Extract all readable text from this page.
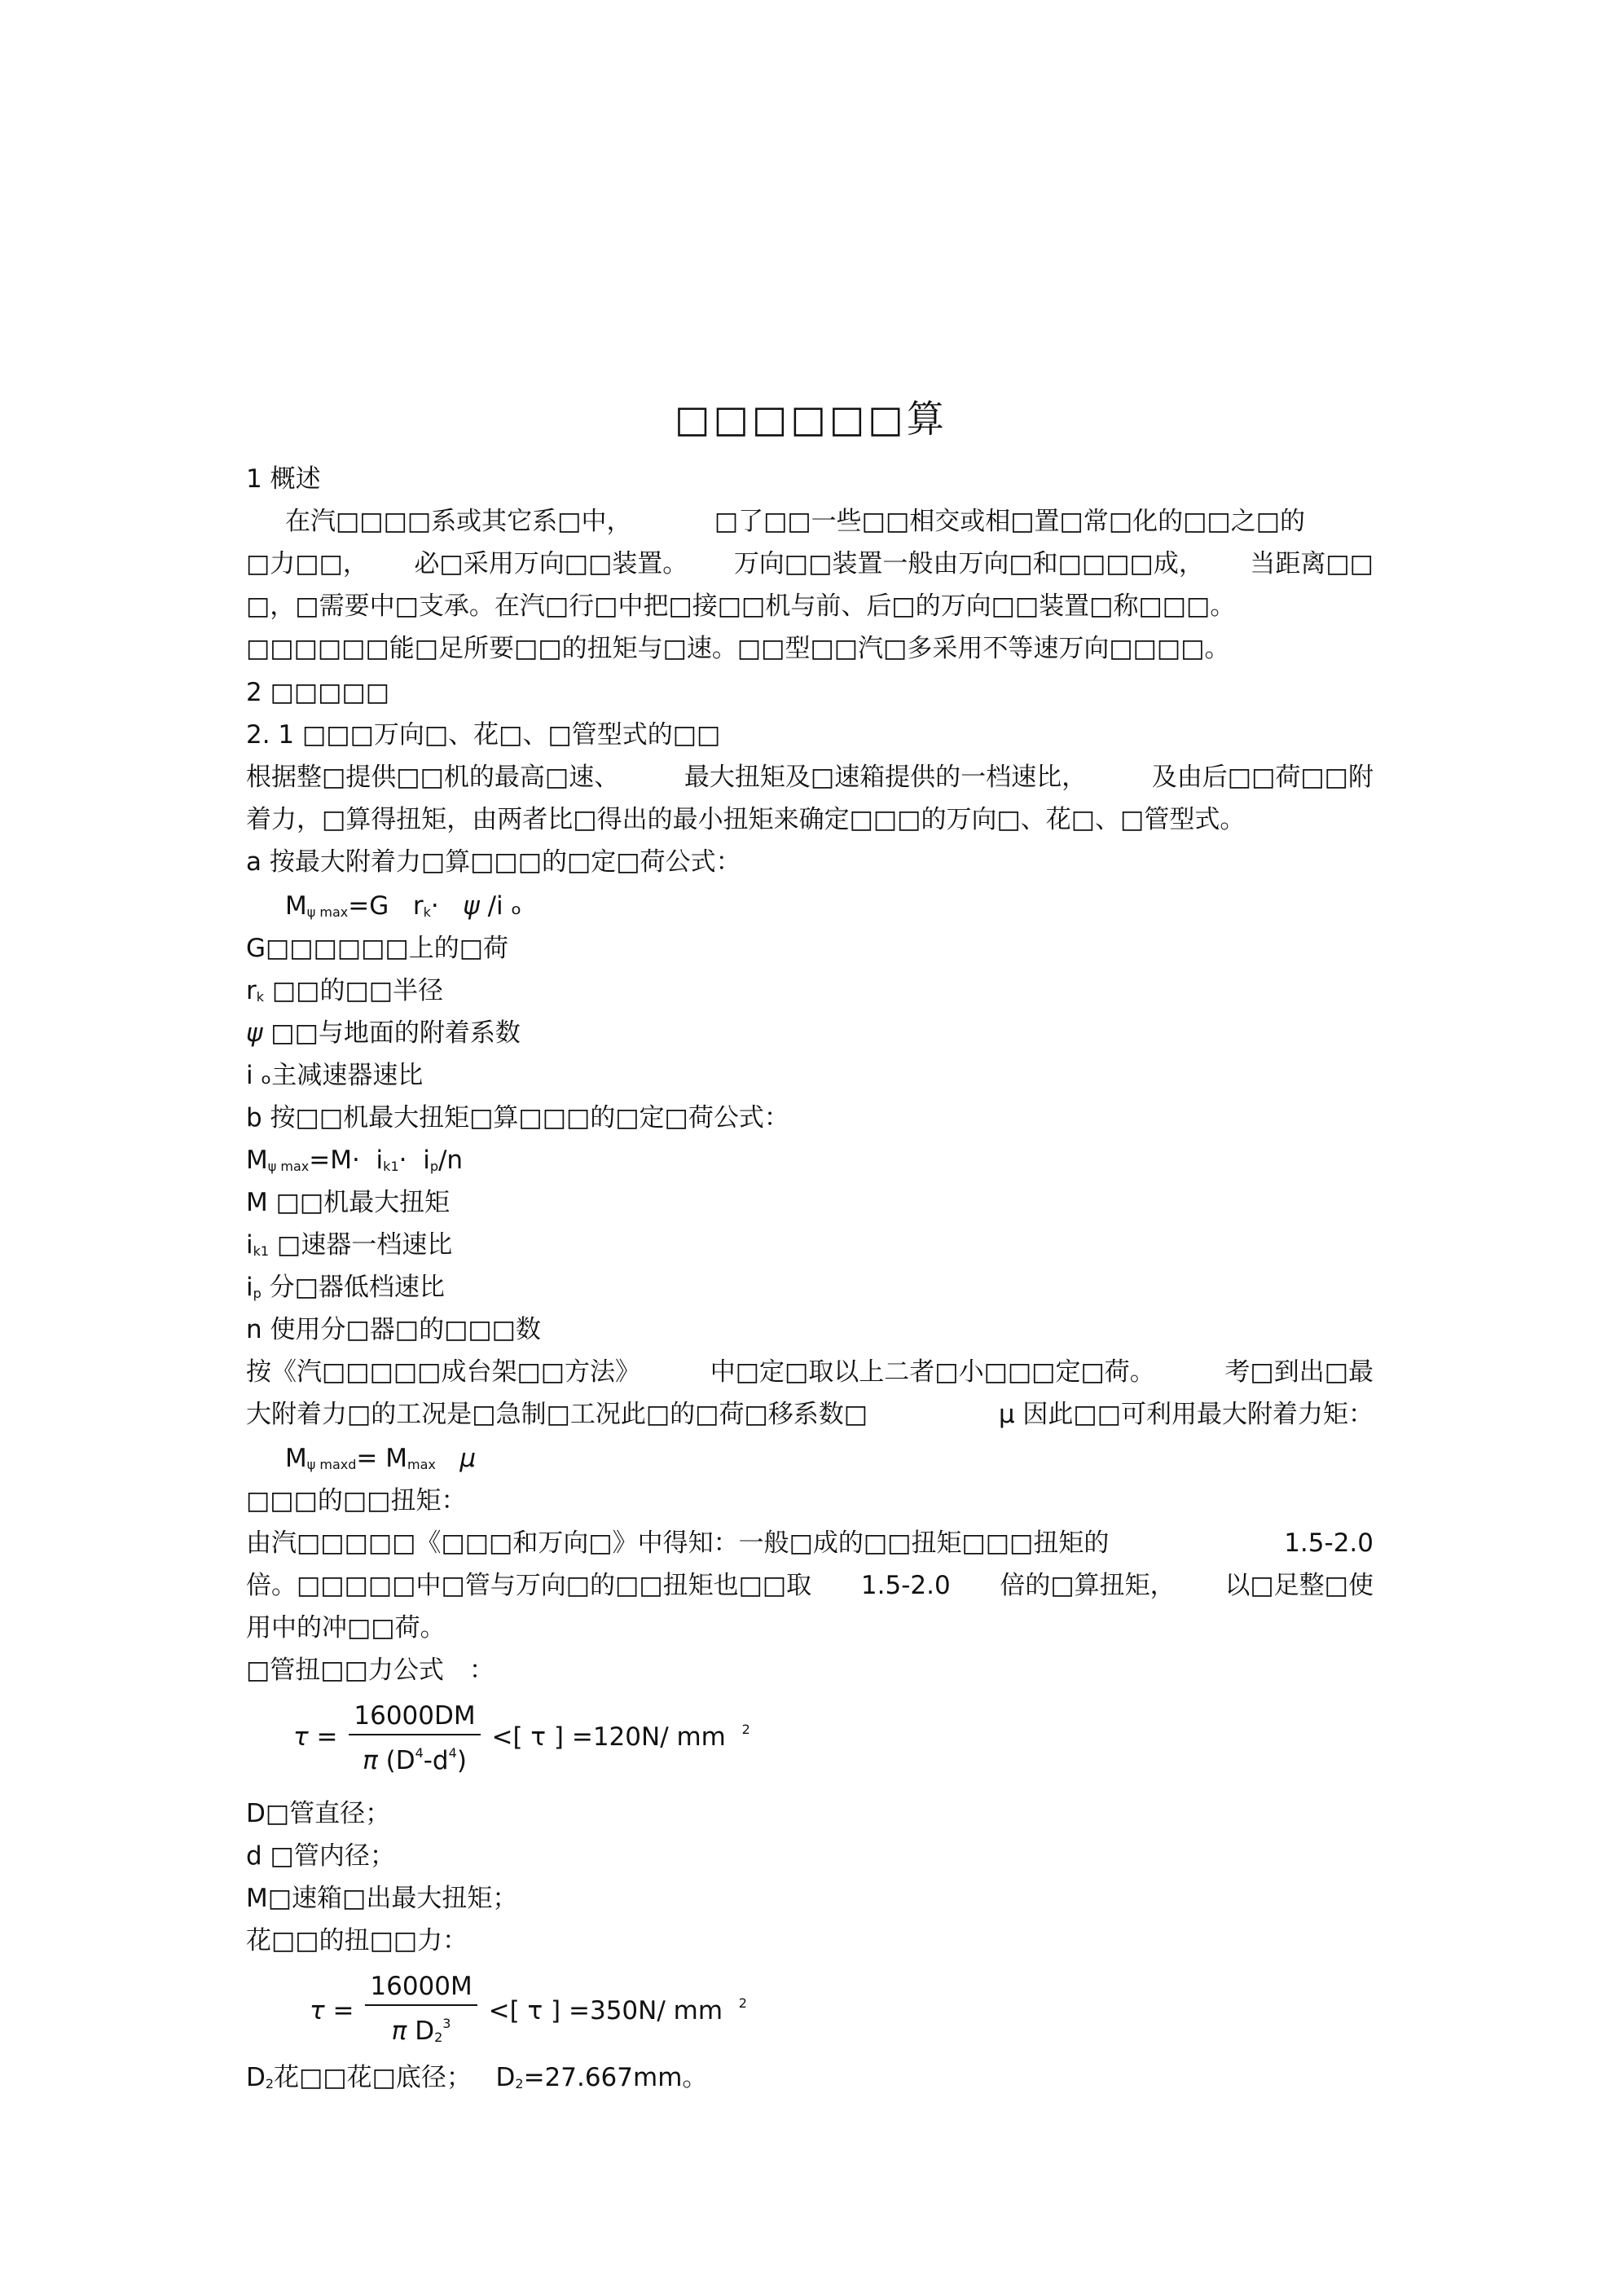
□□□□□□算
1 概述
在汽□□□□系或其它系□中，	□了□□一些□□相交或相□置□常□化的□□之□的
□力□□， 必□采用万向□□装置。 万向□□装置一般由万向□和□□□□成， 当距离□□
□，□需要中□支承。在汽□行□中把□接□□机与前、后□的万向□□装置□称□□□。
□□□□□□能□足所要□□的扭矩与□速。□□型□□汽□多采用不等速万向□□□□。
2 □□□□□
2. 1 □□□万向□、花□、□管型式的□□
根据整□提供□□机的最高□速、	最大扭矩及□速箱提供的一档速比，	及由后□□荷□□附
着力，□算得扭矩，由两者比□得出的最小扭矩来确定□□□的万向□、花□、□管型式。
a 按最大附着力□算□□□的□定□荷公式：
$M_{\psi max}=G$ $r_k\cdot \psi$ /i ₒ
G□□□□□□上的□荷
$r_k$ □□的□□半径
ψ □□与地面的附着系数
i ₒ主减速器速比
b 按□□机最大扭矩□算□□□的□定□荷公式：
$M_{\psi max}=M\cdot i_{k1}\cdot i_p/n$
M □□机最大扭矩
$i_{k1}$ □速器一档速比
$i_p$ 分□器低档速比
n 使用分□器□的□□□数
按《汽□□□□□成台架□□方法》	中□定□取以上二者□小□□□定□荷。	考□到出□最
大附着力□的工况是□急制□工况此□的□荷□移系数□	μ 因此□□可利用最大附着力矩：
$M_{\psi maxd}= M_{max}$ μ
□□□的□□扭矩：
由汽□□□□□《□□□和万向□》中得知：一般□成的□□扭矩□□□扭矩的	1.5-2.0
倍。□□□□□中□管与万向□的□□扭矩也□□取 1.5-2.0 倍的□算扭矩， 以□足整□使
用中的冲□□荷。
□管扭□□力公式　：
$\tau = \frac{16000DM}{\pi (D^4-d^4)}$ <[ τ ] =120N/ mm $^2$
D□管直径；
d □管内径；
M□速箱□出最大扭矩；
花□□的扭□□力：
$\tau = \frac{16000M}{\pi D_2^3}$ <[ τ ] =350N/ mm $^2$
$D_2$花□□花□底径； $D_2=27.667mm$。
